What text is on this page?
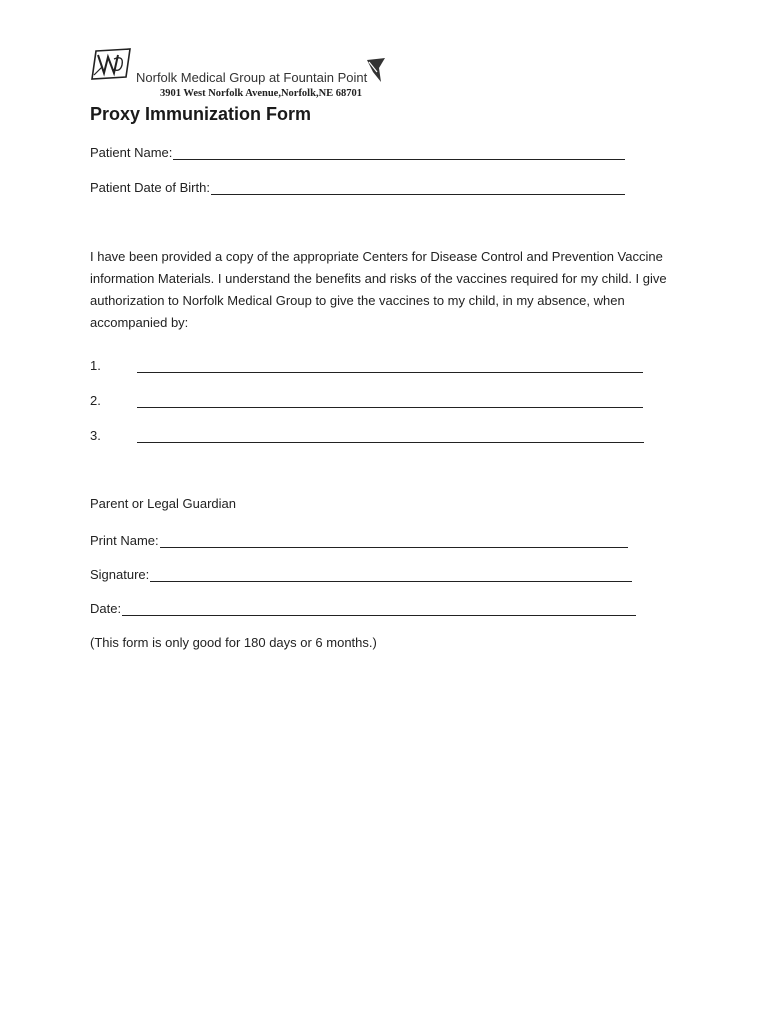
Norfolk Medical Group at Fountain Point
3901 West Norfolk Avenue,Norfolk,NE 68701
Proxy Immunization Form
Patient Name:
Patient Date of Birth:
I have been provided a copy of the appropriate Centers for Disease Control and Prevention Vaccine information Materials. I understand the benefits and risks of the vaccines required for my child. I give authorization to Norfolk Medical Group to give the vaccines to my child, in my absence, when accompanied by:
1.
2.
3.
Parent or Legal Guardian
Print Name:
Signature:
Date:
(This form is only good for 180 days or 6 months.)
